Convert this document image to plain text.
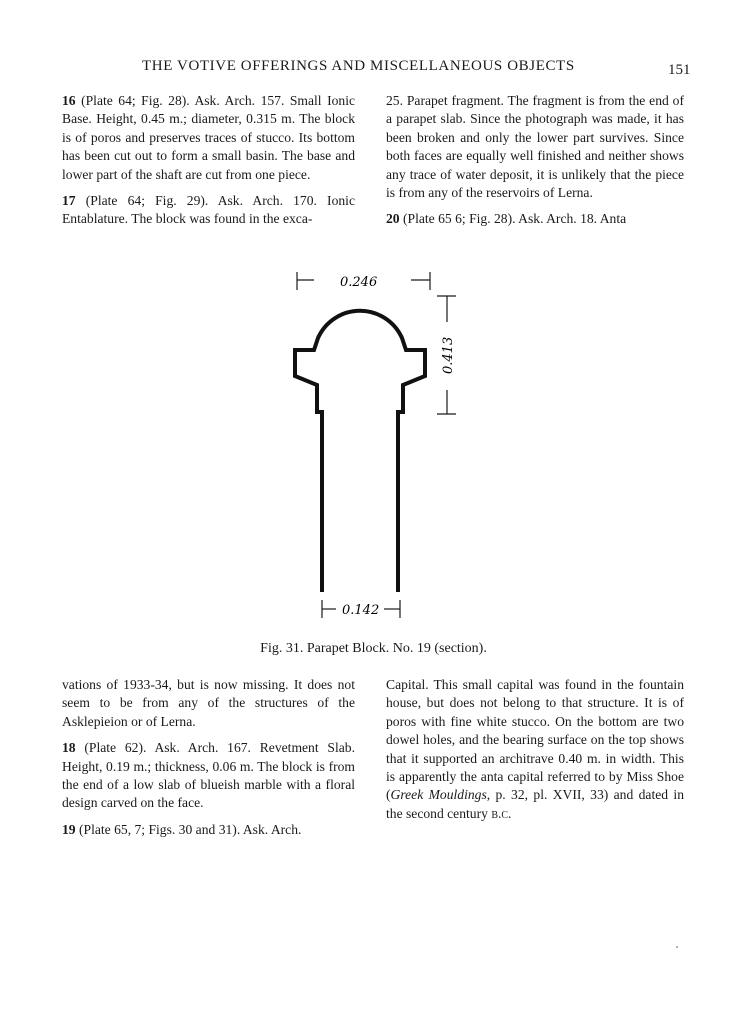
THE VOTIVE OFFERINGS AND MISCELLANEOUS OBJECTS	151

16 (Plate 64; Fig. 28). Ask. Arch. 157. Small Ionic Base. Height, 0.45 m.; diameter, 0.315 m. The block is of poros and preserves traces of stucco. Its bottom has been cut out to form a small basin. The base and lower part of the shaft are cut from one piece.

17 (Plate 64; Fig. 29). Ask. Arch. 170. Ionic Entablature. The block was found in the exca-

25. Parapet fragment. The fragment is from the end of a parapet slab. Since the photograph was made, it has been broken and only the lower part survives. Since both faces are equally well finished and neither shows any trace of water deposit, it is unlikely that the piece is from any of the reservoirs of Lerna.

20 (Plate 65 6; Fig. 28). Ask. Arch. 18. Anta

0.246
0.413
0.142
Fig. 31. Parapet Block. No. 19 (section).

vations of 1933-34, but is now missing. It does not seem to be from any of the structures of the Asklepieion or of Lerna.

18 (Plate 62). Ask. Arch. 167. Revetment Slab. Height, 0.19 m.; thickness, 0.06 m. The block is from the end of a low slab of blueish marble with a floral design carved on the face.

19 (Plate 65, 7; Figs. 30 and 31). Ask. Arch.

Capital. This small capital was found in the fountain house, but does not belong to that structure. It is of poros with fine white stucco. On the bottom are two dowel holes, and the bearing surface on the top shows that it supported an architrave 0.40 m. in width. This is apparently the anta capital referred to by Miss Shoe (Greek Mouldings, p. 32, pl. XVII, 33) and dated in the second century b.c.
